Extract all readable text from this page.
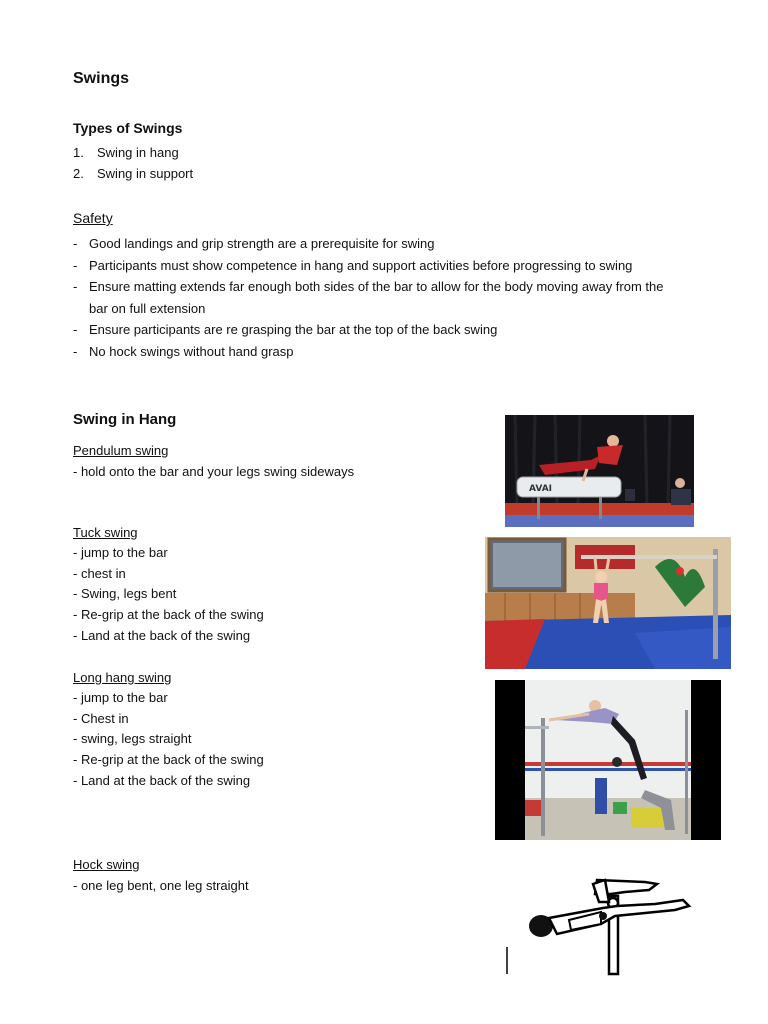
Swings
Types of Swings
1. Swing in hang
2. Swing in support
Safety
- Good landings and grip strength are a prerequisite for swing
- Participants must show competence in hang and support activities before progressing to swing
- Ensure matting extends far enough both sides of the bar to allow for the body moving away from the bar on full extension
- Ensure participants are re grasping the bar at the top of the back swing
- No hock swings without hand grasp
Swing in Hang
Pendulum swing
- hold onto the bar and your legs swing sideways
Tuck swing
- jump to the bar
- chest in
- Swing, legs bent
- Re-grip at the back of the swing
- Land at the back of the swing
Long hang swing
- jump to the bar
- Chest in
- swing, legs straight
- Re-grip at the back of the swing
- Land at the back of the swing
Hock swing
- one leg bent, one leg straight
AVAI
